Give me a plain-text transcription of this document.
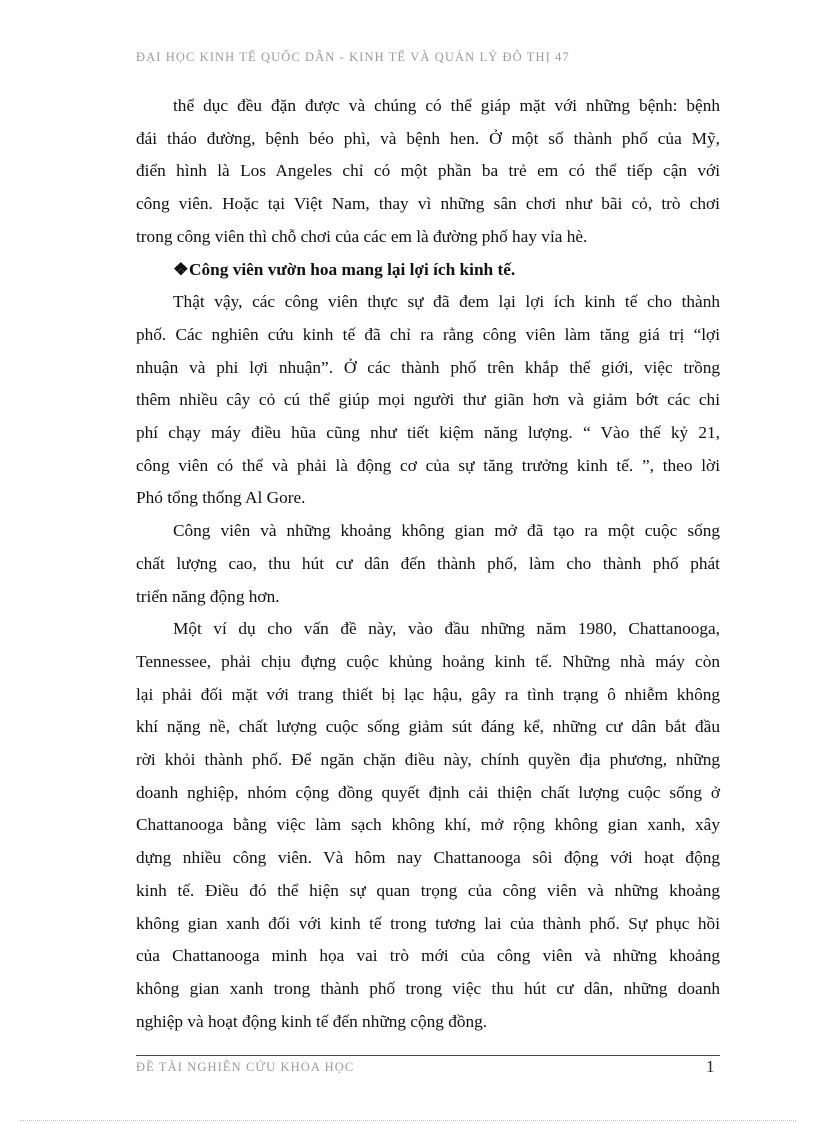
ĐẠI HỌC KINH TẾ QUỐC DÂN - KINH TẾ VÀ QUẢN LÝ ĐÔ THỊ 47

thể dục đều đặn được và chúng có thể giáp mặt với những bệnh: bệnh

đái tháo đường, bệnh béo phì, và bệnh hen. Ở một số thành phố của Mỹ,

điển hình là Los Angeles chỉ có một phần ba trẻ em có thể tiếp cận với

công viên. Hoặc tại Việt Nam, thay vì những sân chơi như bãi cỏ, trò chơi

trong công viên thì chỗ chơi của các em là đường phố hay vỉa hè.

❖Công viên vườn hoa mang lại lợi ích kinh tế.

Thật vậy, các công viên thực sự đã đem lại lợi ích kinh tế cho thành

phố. Các nghiên cứu kinh tế đã chỉ ra rằng công viên làm tăng giá trị “lợi

nhuận và phi lợi nhuận”. Ở các thành phố trên khắp thế giới, việc trồng

thêm nhiều cây cỏ cú thể giúp mọi người thư giãn hơn và giảm bớt các chi

phí chạy máy điều hũa cũng như tiết kiệm năng lượng. “ Vào thế kỷ 21,

công viên có thể và phải là động cơ của sự tăng trưởng kinh tế. ”, theo lời

Phó tổng thống Al Gore.

Công viên và những khoảng không gian mở đã tạo ra một cuộc sống

chất lượng cao, thu hút cư dân đến thành phố, làm cho thành phố phát

triển năng động hơn.

Một ví dụ cho vấn đề này, vào đầu những năm 1980, Chattanooga,

Tennessee, phải chịu đựng cuộc khủng hoảng kinh tế. Những nhà máy còn

lại phải đối mặt với trang thiết bị lạc hậu, gây ra tình trạng ô nhiễm không

khí nặng nề, chất lượng cuộc sống giảm sút đáng kể, những cư dân bắt đầu

rời khỏi thành phố. Để ngăn chặn điều này, chính quyền địa phương, những

doanh nghiệp, nhóm cộng đồng quyết định cải thiện chất lượng cuộc sống ở

Chattanooga bằng việc làm sạch không khí, mở rộng không gian xanh, xây

dựng nhiều công viên. Và hôm nay Chattanooga sôi động với hoạt động

kinh tế. Điều đó thể hiện sự quan trọng của công viên và những khoảng

không gian xanh đối với kinh tế trong tương lai của thành phố. Sự phục hồi

của Chattanooga minh họa vai trò mới của công viên và những khoảng

không gian xanh trong thành phố trong việc thu hút cư dân, những doanh

nghiệp và hoạt động kinh tế đến những cộng đồng.

ĐỀ TÀI NGHIÊN CỨU KHOA HỌC	1
